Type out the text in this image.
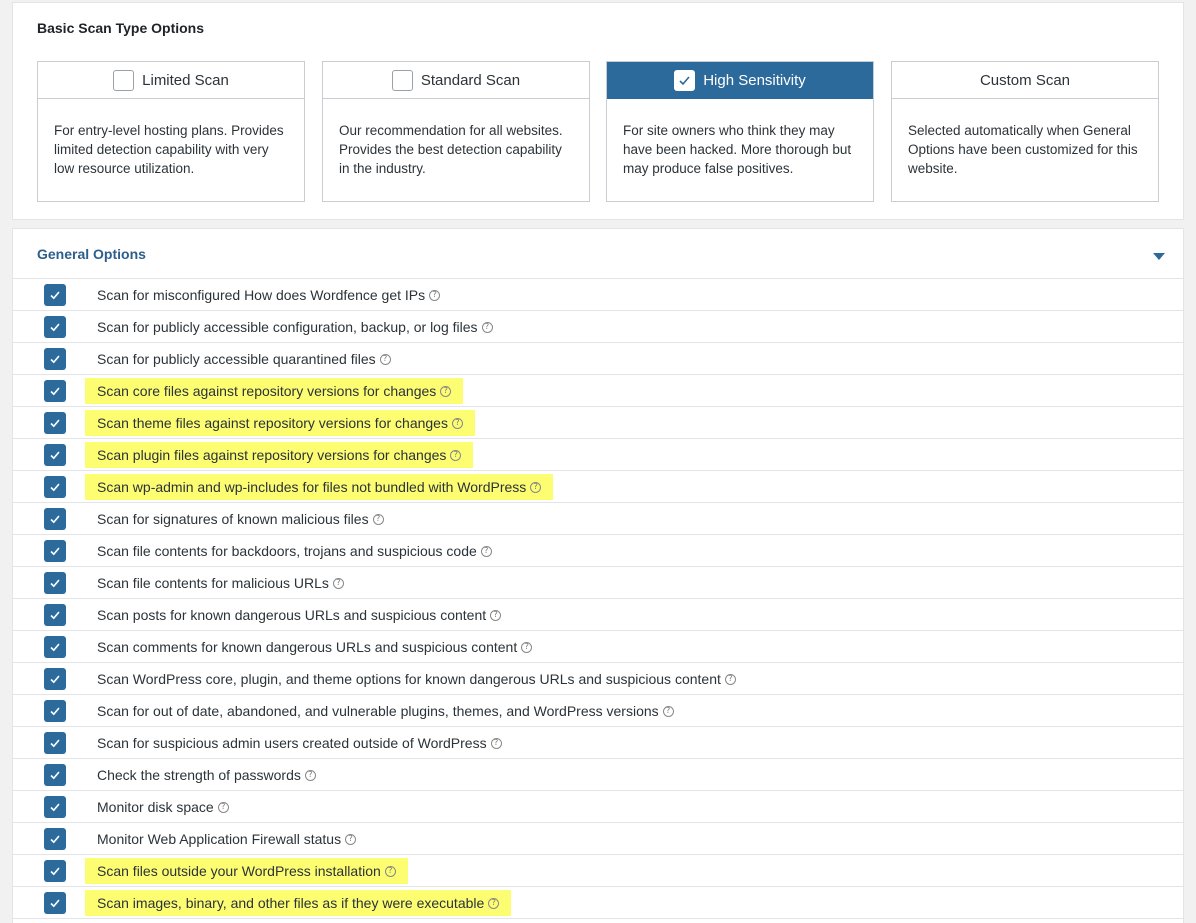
Basic Scan Type Options
Limited Scan
For entry-level hosting plans. Provides limited detection capability with very low resource utilization.
Standard Scan
Our recommendation for all websites. Provides the best detection capability in the industry.
High Sensitivity
For site owners who think they may have been hacked. More thorough but may produce false positives.
Custom Scan
Selected automatically when General Options have been customized for this website.
General Options
Scan for misconfigured How does Wordfence get IPs ?
Scan for publicly accessible configuration, backup, or log files ?
Scan for publicly accessible quarantined files ?
Scan core files against repository versions for changes ?
Scan theme files against repository versions for changes ?
Scan plugin files against repository versions for changes ?
Scan wp-admin and wp-includes for files not bundled with WordPress ?
Scan for signatures of known malicious files ?
Scan file contents for backdoors, trojans and suspicious code ?
Scan file contents for malicious URLs ?
Scan posts for known dangerous URLs and suspicious content ?
Scan comments for known dangerous URLs and suspicious content ?
Scan WordPress core, plugin, and theme options for known dangerous URLs and suspicious content ?
Scan for out of date, abandoned, and vulnerable plugins, themes, and WordPress versions ?
Scan for suspicious admin users created outside of WordPress ?
Check the strength of passwords ?
Monitor disk space ?
Monitor Web Application Firewall status ?
Scan files outside your WordPress installation ?
Scan images, binary, and other files as if they were executable ?
